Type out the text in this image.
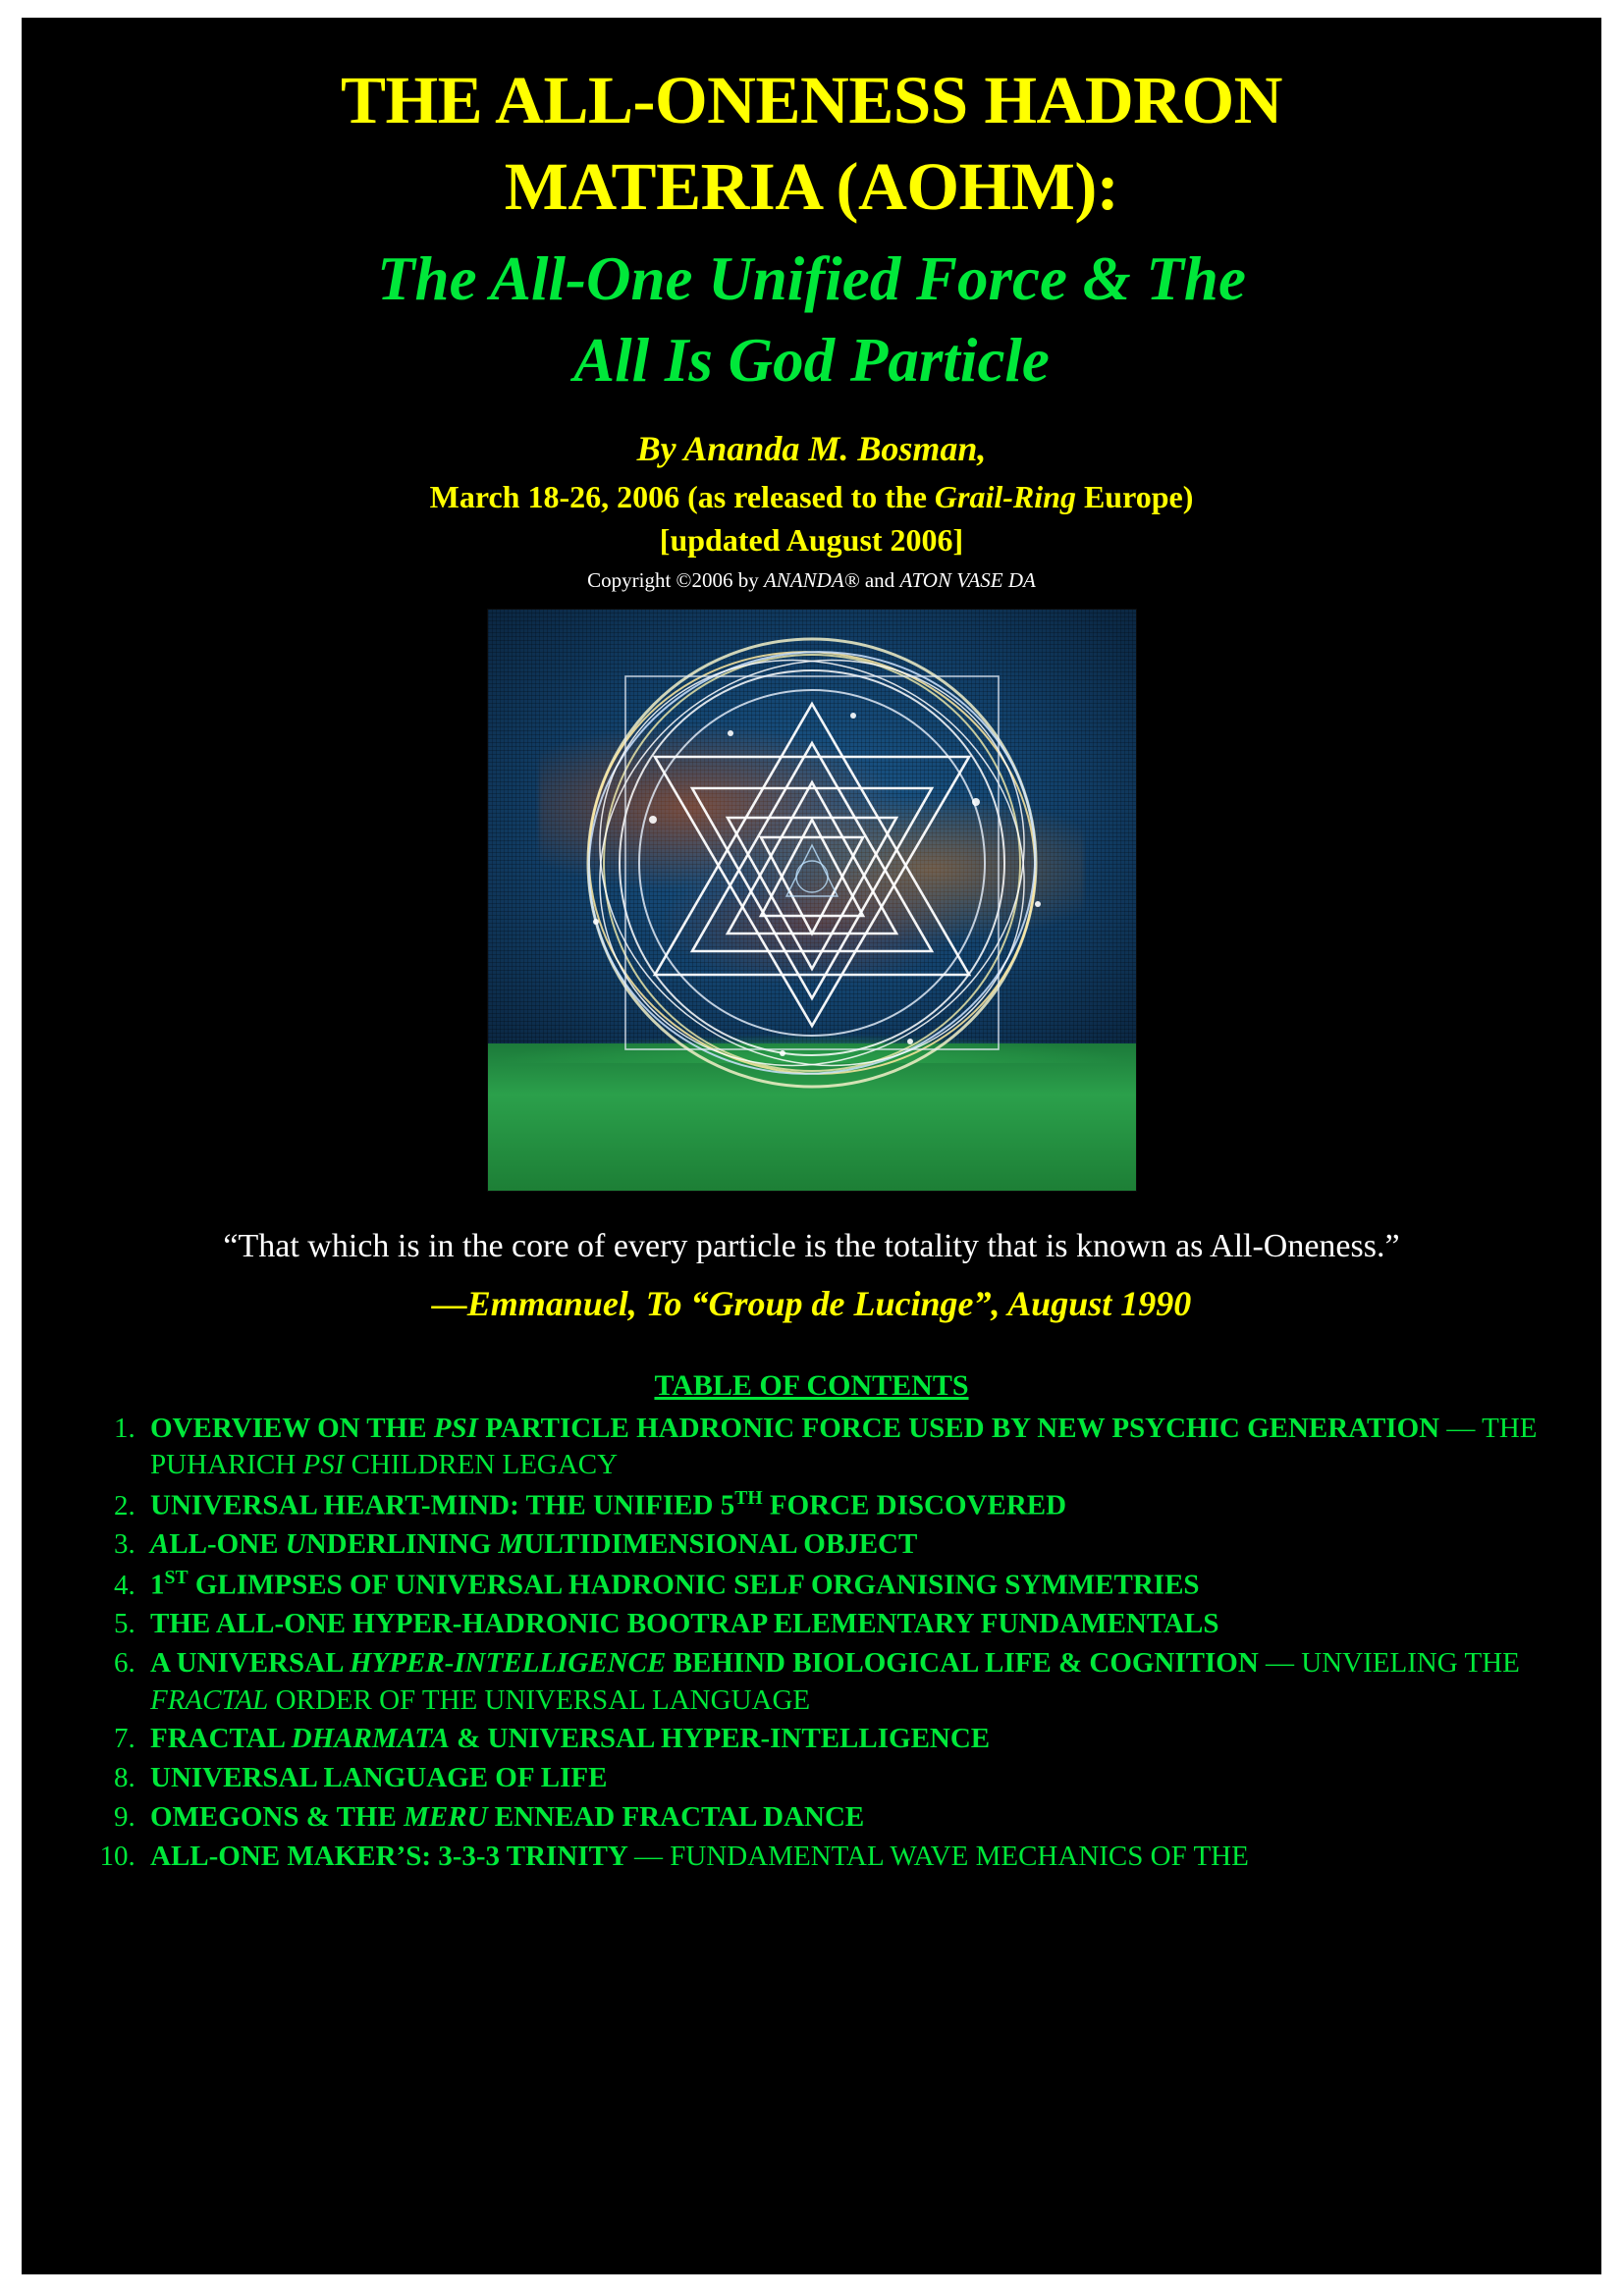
THE ALL-ONENESS HADRON
MATERIA (AOHM):
The All-One Unified Force & The
All Is God Particle
By Ananda M. Bosman,
March 18-26, 2006 (as released to the Grail-Ring Europe)
[updated August 2006]
Copyright ©2006 by ANANDA® and ATON VASE DA
“That which is in the core of every particle is the totality that is known as All-Oneness.”
—Emmanuel, To “Group de Lucinge”, August 1990
TABLE OF CONTENTS
1. OVERVIEW ON THE PSI PARTICLE HADRONIC FORCE USED BY NEW PSYCHIC GENERATION — THE PUHARICH PSI CHILDREN LEGACY
2. UNIVERSAL HEART-MIND: THE UNIFIED 5TH FORCE DISCOVERED
3. ALL-ONE UNDERLINING MULTIDIMENSIONAL OBJECT
4. 1ST GLIMPSES OF UNIVERSAL HADRONIC SELF ORGANISING SYMMETRIES
5. THE ALL-ONE HYPER-HADRONIC BOOTRAP ELEMENTARY FUNDAMENTALS
6. A UNIVERSAL HYPER-INTELLIGENCE BEHIND BIOLOGICAL LIFE & COGNITION — UNVIELING THE FRACTAL ORDER OF THE UNIVERSAL LANGUAGE
7. FRACTAL DHARMATA & UNIVERSAL HYPER-INTELLIGENCE
8. UNIVERSAL LANGUAGE OF LIFE
9. OMEGONS & THE MERU ENNEAD FRACTAL DANCE
10. ALL-ONE MAKER’S: 3-3-3 TRINITY — FUNDAMENTAL WAVE MECHANICS OF THE
